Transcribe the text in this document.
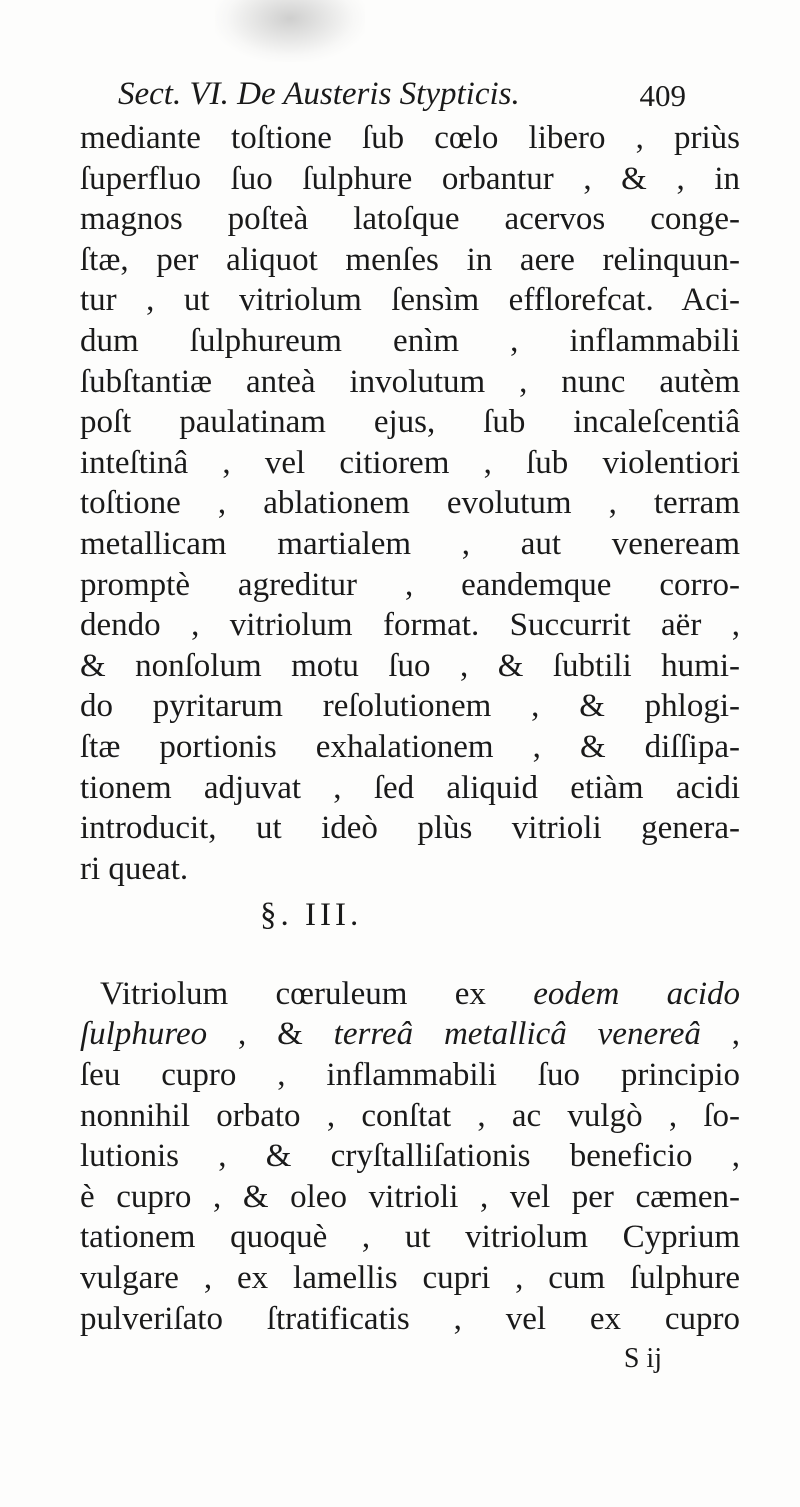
Sect. VI. De Austeris Stypticis.	409
mediante toſtione ſub cœlo libero , priùs
ſuperfluo ſuo ſulphure orbantur , & , in
magnos poſteà latoſque acervos conge-
ſtæ, per aliquot menſes in aere relinquun-
tur , ut vitriolum ſensìm efflorefcat. Aci-
dum ſulphureum enìm , inflammabili
ſubſtantiæ anteà involutum , nunc autèm
poſt paulatinam ejus, ſub incaleſcentiâ
inteſtinâ , vel citiorem , ſub violentiori
toſtione , ablationem evolutum , terram
metallicam martialem , aut veneream
promptè agreditur , eandemque corro-
dendo , vitriolum format. Succurrit aër ,
& nonſolum motu ſuo , & ſubtili humi-
do pyritarum reſolutionem , & phlogi-
ſtæ portionis exhalationem , & diſſipa-
tionem adjuvat , ſed aliquid etiàm acidi
introducit, ut ideò plùs vitrioli genera-
ri queat.
§. III.
Vitriolum cœruleum ex eodem acido
ſulphureo , & terreâ metallicâ venereâ ,
ſeu cupro , inflammabili ſuo principio
nonnihil orbato , conſtat , ac vulgò , ſo-
lutionis , & cryſtalliſationis beneficio ,
è cupro , & oleo vitrioli , vel per cæmen-
tationem quoquè , ut vitriolum Cyprium
vulgare , ex lamellis cupri , cum ſulphure
pulveriſato ſtratificatis , vel ex cupro
S ij
